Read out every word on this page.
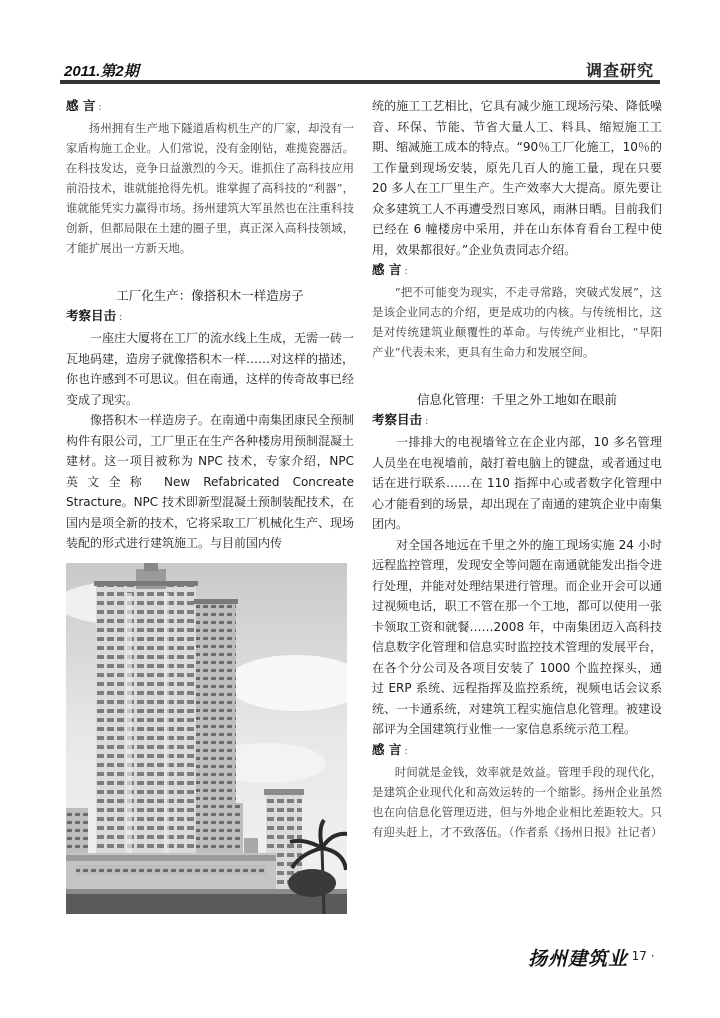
2011.第2期	调查研究

感 言 :

扬州拥有生产地下隧道盾构机生产的厂家，却没有一家盾构施工企业。人们常说，没有金刚钻，难揽瓷器活。在科技发达，竞争日益激烈的今天。谁抓住了高科技应用前沿技术，谁就能抢得先机。谁掌握了高科技的“利器”，谁就能凭实力赢得市场。扬州建筑大军虽然也在注重科技创新，但都局限在土建的圈子里，真正深入高科技领域，才能扩展出一方新天地。

工厂化生产：像搭积木一样造房子

考察目击 :

一座庄大厦将在工厂的流水线上生成，无需一砖一瓦地码建，造房子就像搭积木一样……对这样的描述，你也许感到不可思议。但在南通，这样的传奇故事已经变成了现实。

像搭积木一样造房子。在南通中南集团康民全预制构件有限公司，工厂里正在生产各种楼房用预制混凝土建材。这一项目被称为 NPC 技术，专家介绍，NPC 英文全称 New Refabricated Concreate Stracture。NPC 技术即新型混凝土预制装配技术，在国内是项全新的技术，它将采取工厂机械化生产、现场装配的形式进行建筑施工。与目前国内传

统的施工工艺相比，它具有减少施工现场污染、降低噪音、环保、节能、节省大量人工、料具、缩短施工工期、缩减施工成本的特点。“90％工厂化施工，10％的工作量到现场安装，原先几百人的施工量，现在只要 20 多人在工厂里生产。生产效率大大提高。原先要让众多建筑工人不再遭受烈日寒风，雨淋日晒。目前我们已经在 6 幢楼房中采用，并在山东体育看台工程中使用，效果都很好。”企业负责同志介绍。

感 言 :

“把不可能变为现实，不走寻常路，突破式发展”，这是该企业同志的介绍，更是成功的内核。与传统相比，这是对传统建筑业颠覆性的革命。与传统产业相比，“早阳产业”代表未来，更具有生命力和发展空间。

信息化管理：千里之外工地如在眼前

考察目击 :

一排排大的电视墙耸立在企业内部，10 多名管理人员坐在电视墙前，敲打着电脑上的键盘，或者通过电话在进行联系……在 110 指挥中心或者数字化管理中心才能看到的场景，却出现在了南通的建筑企业中南集团内。

对全国各地远在千里之外的施工现场实施 24 小时远程监控管理，发现安全等问题在南通就能发出指令进行处理，并能对处理结果进行管理。而企业开会可以通过视频电话，职工不管在那一个工地，都可以使用一张卡领取工资和就餐……2008 年，中南集团迈入高科技信息数字化管理和信息实时监控技术管理的发展平台，在各个分公司及各项目安装了 1000 个监控探头，通过 ERP 系统、远程指挥及监控系统，视频电话会议系统、一卡通系统，对建筑工程实施信息化管理。被建设部评为全国建筑行业惟一一家信息系统示范工程。

感 言 :

时间就是金钱，效率就是效益。管理手段的现代化，是建筑企业现代化和高效运转的一个缩影。扬州企业虽然也在向信息化管理迈进，但与外地企业相比差距较大。只有迎头赶上，才不致落伍。（作者系《扬州日报》社记者）

扬州建筑业
· 17 ·
